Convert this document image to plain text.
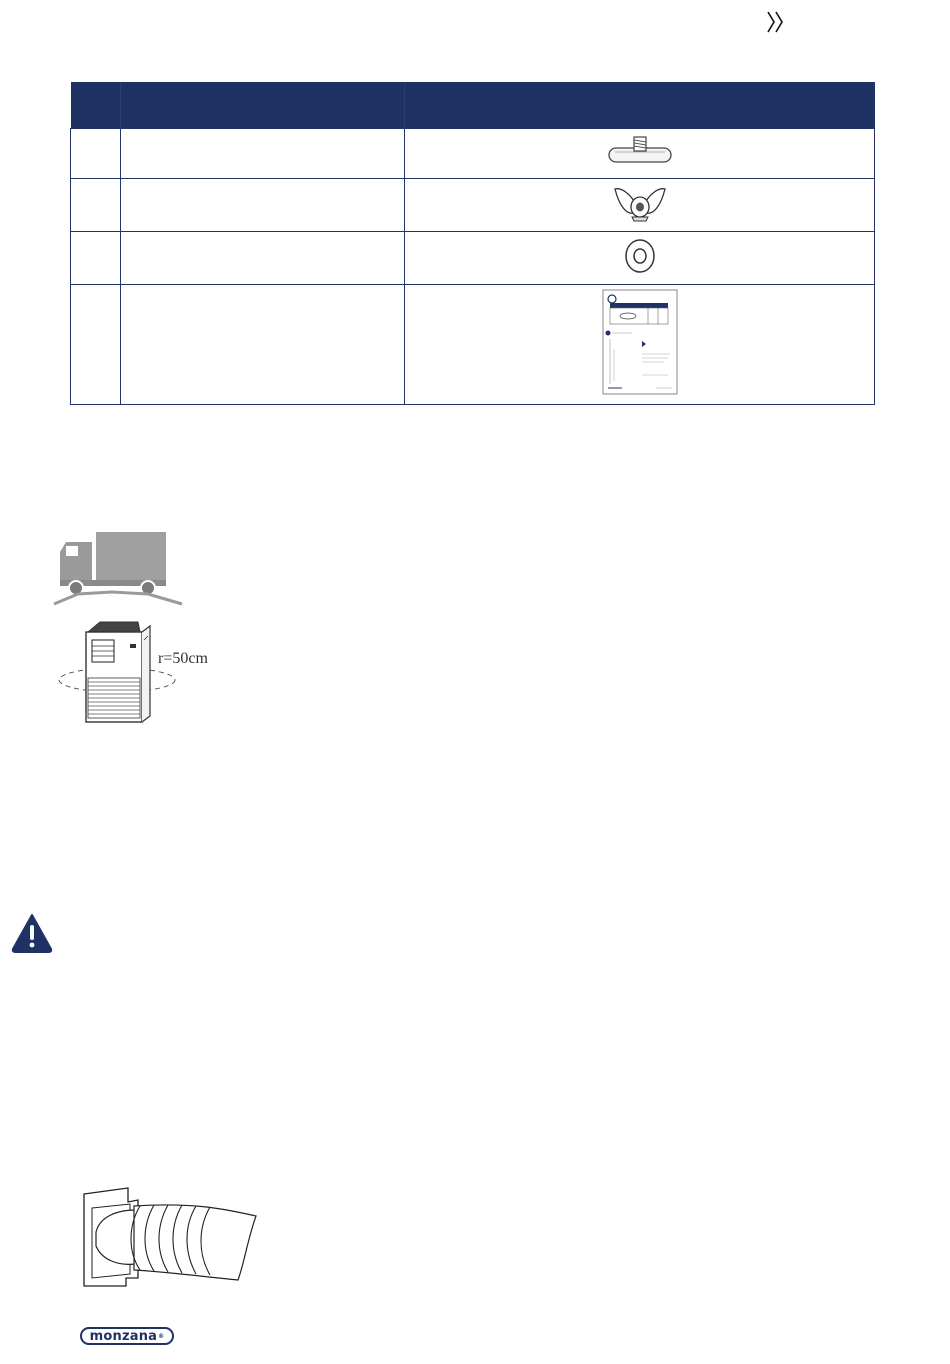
r=50cm
monzana ®
